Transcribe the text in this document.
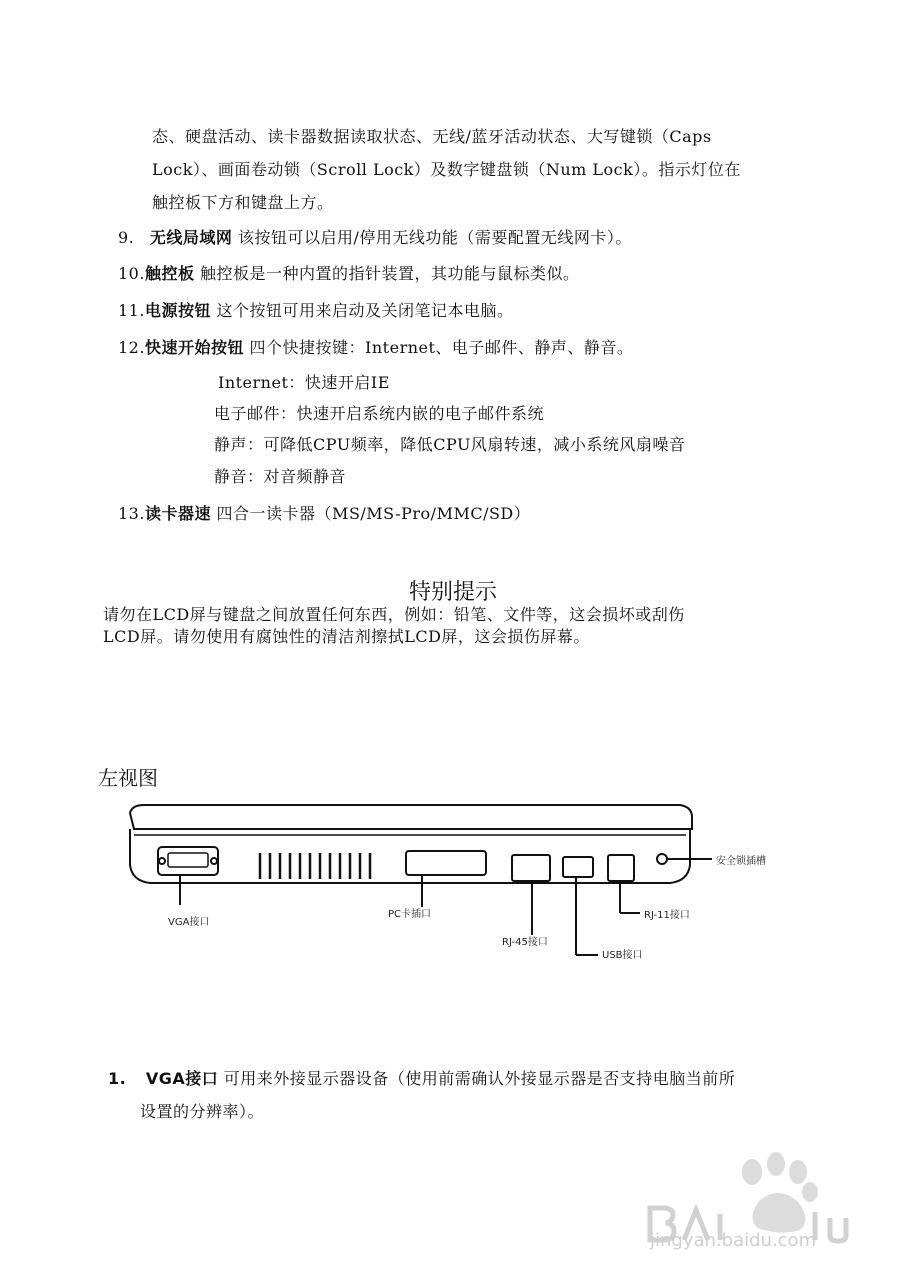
态、硬盘活动、读卡器数据读取状态、无线/蓝牙活动状态、大写键锁（Caps
Lock）、画面卷动锁（Scroll Lock）及数字键盘锁（Num Lock）。指示灯位在
触控板下方和键盘上方。
9. 无线局域网 该按钮可以启用/停用无线功能（需要配置无线网卡）。
10.触控板 触控板是一种内置的指针装置，其功能与鼠标类似。
11.电源按钮 这个按钮可用来启动及关闭笔记本电脑。
12.快速开始按钮 四个快捷按键：Internet、电子邮件、静声、静音。
Internet：快速开启IE
电子邮件：快速开启系统内嵌的电子邮件系统
静声：可降低CPU频率，降低CPU风扇转速，减小系统风扇噪音
静音：对音频静音
13.读卡器速 四合一读卡器（MS/MS-Pro/MMC/SD）
特别提示
请勿在LCD屏与键盘之间放置任何东西，例如：铅笔、文件等，这会损坏或刮伤
LCD屏。请勿使用有腐蚀性的清洁剂擦拭LCD屏，这会损伤屏幕。
左视图
VGA接口
PC卡插口
RJ-45接口
USB接口
RJ-11接口
安全锁插槽
1. VGA接口 可用来外接显示器设备（使用前需确认外接显示器是否支持电脑当前所
设置的分辨率）。
jingyan.baidu.com
